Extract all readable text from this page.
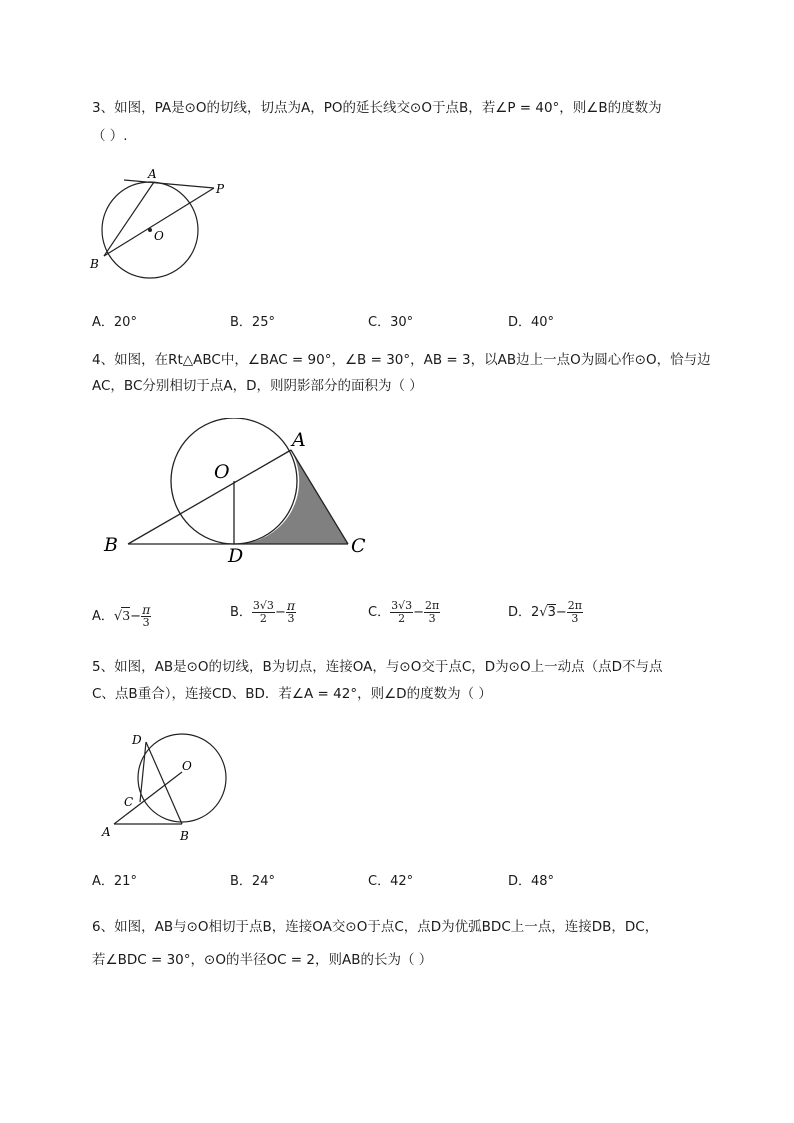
3、如图，PA是⊙O的切线，切点为A，PO的延长线交⊙O于点B，若∠P = 40°，则∠B的度数为
（ ）.
A
P
O
B
A．20°	B．25°	C．30°	D．40°
4、如图，在Rt△ABC中，∠BAC = 90°，∠B = 30°，AB = 3，以AB边上一点O为圆心作⊙O，恰与边
AC，BC分别相切于点A，D，则阴影部分的面积为（ ）
A
O
B	D	C
A．$√3- \frac{\pi}{3}$	B． $\frac{3√3}{2} - \frac{\pi}{3}$	C． $\frac{3√3}{2} - \frac{2\pi}{3}$	D．$2√3- \frac{2\pi}{3}$
5、如图，AB是⊙O的切线，B为切点，连接OA，与⊙O交于点C，D为⊙O上一动点（点D不与点
C、点B重合），连接CD、BD．若∠A = 42°，则∠D的度数为（ ）
D
O
C
A	B
A．21°	B．24°	C．42°	D．48°
6、如图，AB与⊙O相切于点B，连接OA交⊙O于点C，点D为优弧BDC上一点，连接DB，DC，
若∠BDC = 30°，⊙O的半径OC = 2，则AB的长为（ ）
